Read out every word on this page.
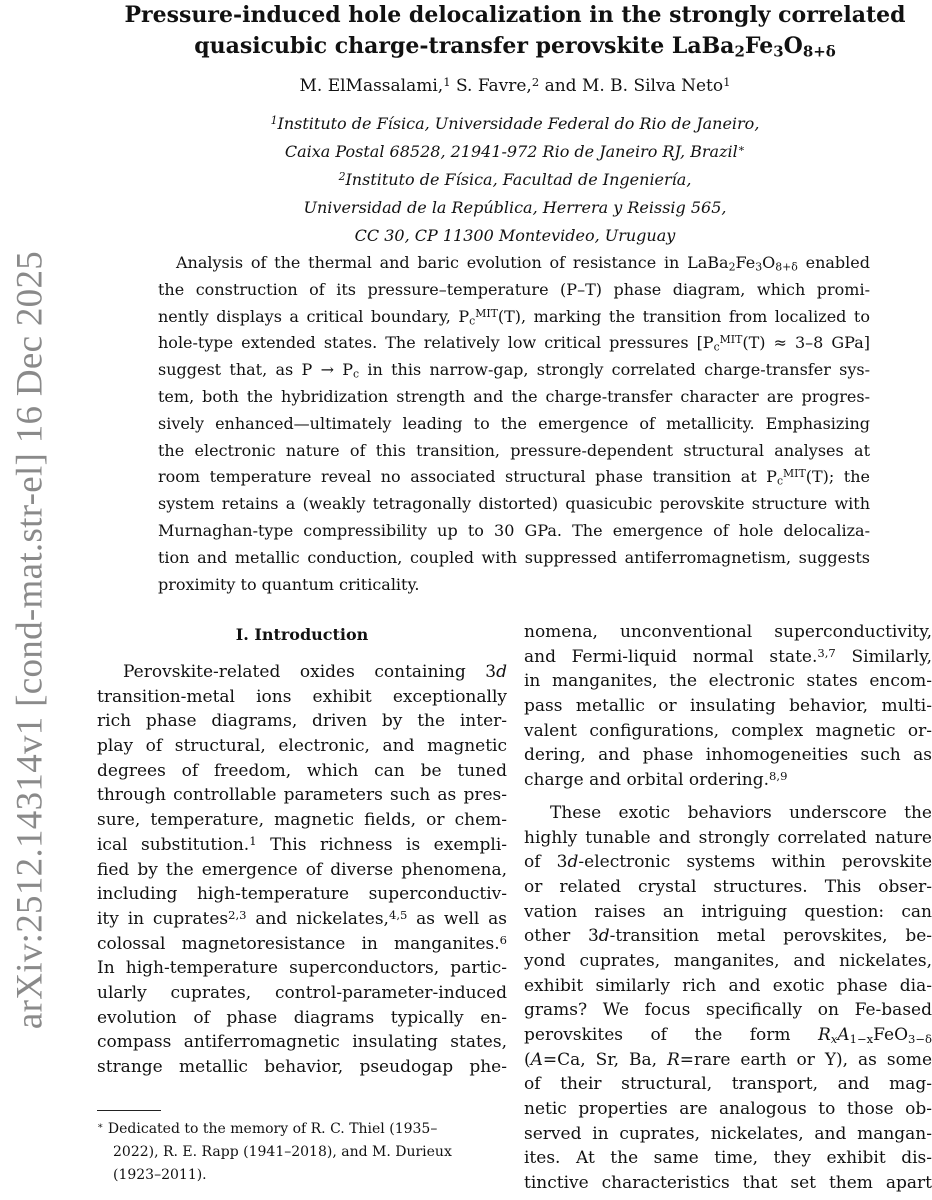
arXiv:2512.14314v1 [cond-mat.str-el] 16 Dec 2025
Pressure-induced hole delocalization in the strongly correlated
quasicubic charge-transfer perovskite $LaBa_2Fe_3O_{8+\delta}$
M. ElMassalami,$^1$ S. Favre,$^2$ and M. B. Silva Neto$^1$
$^1$Instituto de Física, Universidade Federal do Rio de Janeiro,
Caixa Postal 68528, 21941-972 Rio de Janeiro RJ, Brazil∗
$^2$Instituto de Física, Facultad de Ingeniería,
Universidad de la República, Herrera y Reissig 565,
CC 30, CP 11300 Montevideo, Uruguay
Analysis of the thermal and baric evolution of resistance in $LaBa_2Fe_3O_{8+\delta}$ enabled
the construction of its pressure–temperature (P–T) phase diagram, which promi-
nently displays a critical boundary, $P_c^{MIT}(T)$, marking the transition from localized to
hole-type extended states. The relatively low critical pressures [$P_c^{MIT}(T) \approx 3-8$ GPa]
suggest that, as $P \to P_c$ in this narrow-gap, strongly correlated charge-transfer sys-
tem, both the hybridization strength and the charge-transfer character are progres-
sively enhanced—ultimately leading to the emergence of metallicity. Emphasizing
the electronic nature of this transition, pressure-dependent structural analyses at
room temperature reveal no associated structural phase transition at $P_c^{MIT}(T)$; the
system retains a (weakly tetragonally distorted) quasicubic perovskite structure with
Murnaghan-type compressibility up to 30 GPa. The emergence of hole delocaliza-
tion and metallic conduction, coupled with suppressed antiferromagnetism, suggests
proximity to quantum criticality.
I. Introduction
Perovskite-related oxides containing 3d
transition-metal ions exhibit exceptionally
rich phase diagrams, driven by the inter-
play of structural, electronic, and magnetic
degrees of freedom, which can be tuned
through controllable parameters such as pres-
sure, temperature, magnetic fields, or chem-
ical substitution.$^1$ This richness is exempli-
fied by the emergence of diverse phenomena,
including high-temperature superconductiv-
ity in cuprates$^{2,3}$ and nickelates,$^{4,5}$ as well as
colossal magnetoresistance in manganites.$^6$
In high-temperature superconductors, partic-
ularly cuprates, control-parameter-induced
evolution of phase diagrams typically en-
compass antiferromagnetic insulating states,
strange metallic behavior, pseudogap phe-
∗ Dedicated to the memory of R. C. Thiel (1935–
2022), R. E. Rapp (1941–2018), and M. Durieux
(1923–2011).
nomena, unconventional superconductivity,
and Fermi-liquid normal state.$^{3,7}$ Similarly,
in manganites, the electronic states encom-
pass metallic or insulating behavior, multi-
valent configurations, complex magnetic or-
dering, and phase inhomogeneities such as
charge and orbital ordering.$^{8,9}$
These exotic behaviors underscore the
highly tunable and strongly correlated nature
of 3d-electronic systems within perovskite
or related crystal structures. This obser-
vation raises an intriguing question: can
other 3d-transition metal perovskites, be-
yond cuprates, manganites, and nickelates,
exhibit similarly rich and exotic phase dia-
grams? We focus specifically on Fe-based
perovskites of the form $R_xA_{1-x}FeO_{3-\delta}$
(A=Ca, Sr, Ba, R=rare earth or Y), as some
of their structural, transport, and mag-
netic properties are analogous to those ob-
served in cuprates, nickelates, and mangan-
ites. At the same time, they exhibit dis-
tinctive characteristics that set them apart
